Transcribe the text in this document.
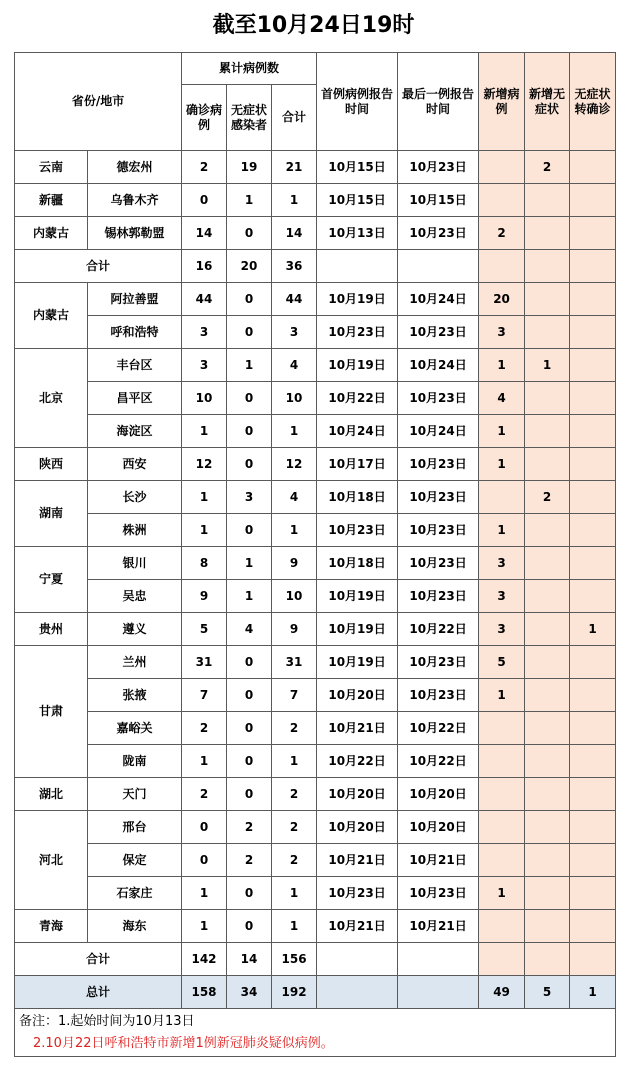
截至10月24日19时
省份/地市		累计病例数			首例病例报告时间	最后一例报告时间	新增病例	新增无症状	无症状转确诊
		确诊病例	无症状感染者	合计					
云南	德宏州	2	19	21	10月15日	10月23日		2	
新疆	乌鲁木齐	0	1	1	10月15日	10月15日			
内蒙古	锡林郭勒盟	14	0	14	10月13日	10月23日	2		
合计		16	20	36					
内蒙古	阿拉善盟	44	0	44	10月19日	10月24日	20		
	呼和浩特	3	0	3	10月23日	10月23日	3		
北京	丰台区	3	1	4	10月19日	10月24日	1	1	
	昌平区	10	0	10	10月22日	10月23日	4		
	海淀区	1	0	1	10月24日	10月24日	1		
陕西	西安	12	0	12	10月17日	10月23日	1		
湖南	长沙	1	3	4	10月18日	10月23日		2	
	株洲	1	0	1	10月23日	10月23日	1		
宁夏	银川	8	1	9	10月18日	10月23日	3		
	吴忠	9	1	10	10月19日	10月23日	3		
贵州	遵义	5	4	9	10月19日	10月22日	3		1
甘肃	兰州	31	0	31	10月19日	10月23日	5		
	张掖	7	0	7	10月20日	10月23日	1		
	嘉峪关	2	0	2	10月21日	10月22日			
	陇南	1	0	1	10月22日	10月22日			
湖北	天门	2	0	2	10月20日	10月20日			
河北	邢台	0	2	2	10月20日	10月20日			
	保定	0	2	2	10月21日	10月21日			
	石家庄	1	0	1	10月23日	10月23日	1		
青海	海东	1	0	1	10月21日	10月21日			
合计		142	14	156					
总计		158	34	192			49	5	1

备注：1.起始时间为10月13日
2.10月22日呼和浩特市新增1例新冠肺炎疑似病例。									
